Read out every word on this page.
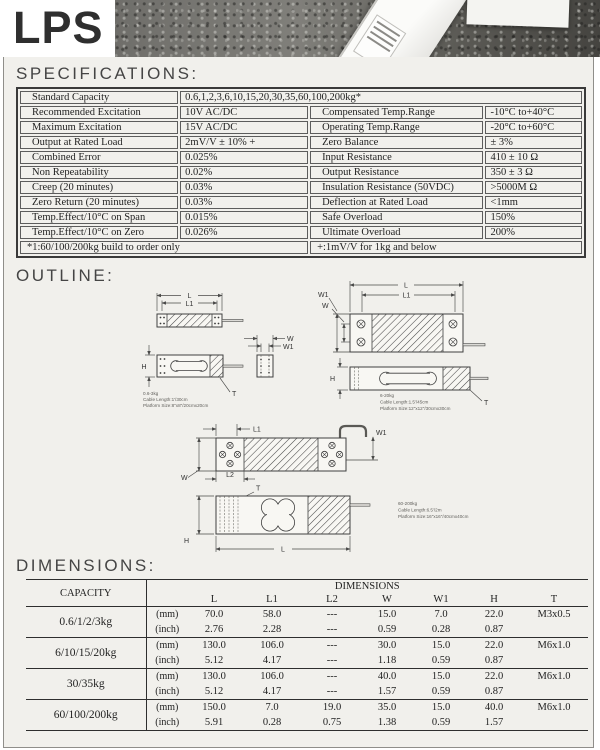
LPS
SPECIFICATIONS:
Standard Capacity	0.6,1,2,3,6,10,15,20,30,35,60,100,200kg*		
Recommended Excitation	10V AC/DC	Compensated Temp.Range	-10°C to+40°C
Maximum Excitation	15V AC/DC	Operating Temp.Range	-20°C to+60°C
Output at Rated Load	2mV/V ± 10% +	Zero Balance	± 3%
Combined Error	0.025%	Input Resistance	410 ± 10 Ω
Non Repeatability	0.02%	Output Resistance	350 ± 3 Ω
Creep (20 minutes)	0.03%	Insulation Resistance (50VDC)	>5000M Ω
Zero Return (20 minutes)	0.03%	Deflection at Rated Load	<1mm
Temp.Effect/10°C on Span	0.015%	Safe Overload	150%
Temp.Effect/10°C on Zero	0.026%	Ultimate Overload	200%
*1:60/100/200kg build to order only		+:1mV/V for 1kg and below	
OUTLINE:
L
L1
H
W
W1
T
0.6-3kg
Cable Length:1'/30cm
Platform Size:8"x8"/20cmx20cm
L
L1
W1
W
H
T
6-20kg
Cable Length:1.5'/45cm
Platform Size:12"x12"/30cmx30cm
L1	W1
W	L2
T
H
L
60-200kg
Cable Length:6.5'/2m
Platform Size:16"x16"/40cmx40cm
DIMENSIONS:
CAPACITY	DIMENSIONS							
		L	L1	L2	W	W1	H	T
0.6/1/2/3kg	(mm)	70.0	58.0	---	15.0	7.0	22.0	M3x0.5
	(inch)	2.76	2.28	---	0.59	0.28	0.87	
6/10/15/20kg	(mm)	130.0	106.0	---	30.0	15.0	22.0	M6x1.0
	(inch)	5.12	4.17	---	1.18	0.59	0.87	
30/35kg	(mm)	130.0	106.0	---	40.0	15.0	22.0	M6x1.0
	(inch)	5.12	4.17	---	1.57	0.59	0.87	
60/100/200kg	(mm)	150.0	7.0	19.0	35.0	15.0	40.0	M6x1.0
	(inch)	5.91	0.28	0.75	1.38	0.59	1.57	
